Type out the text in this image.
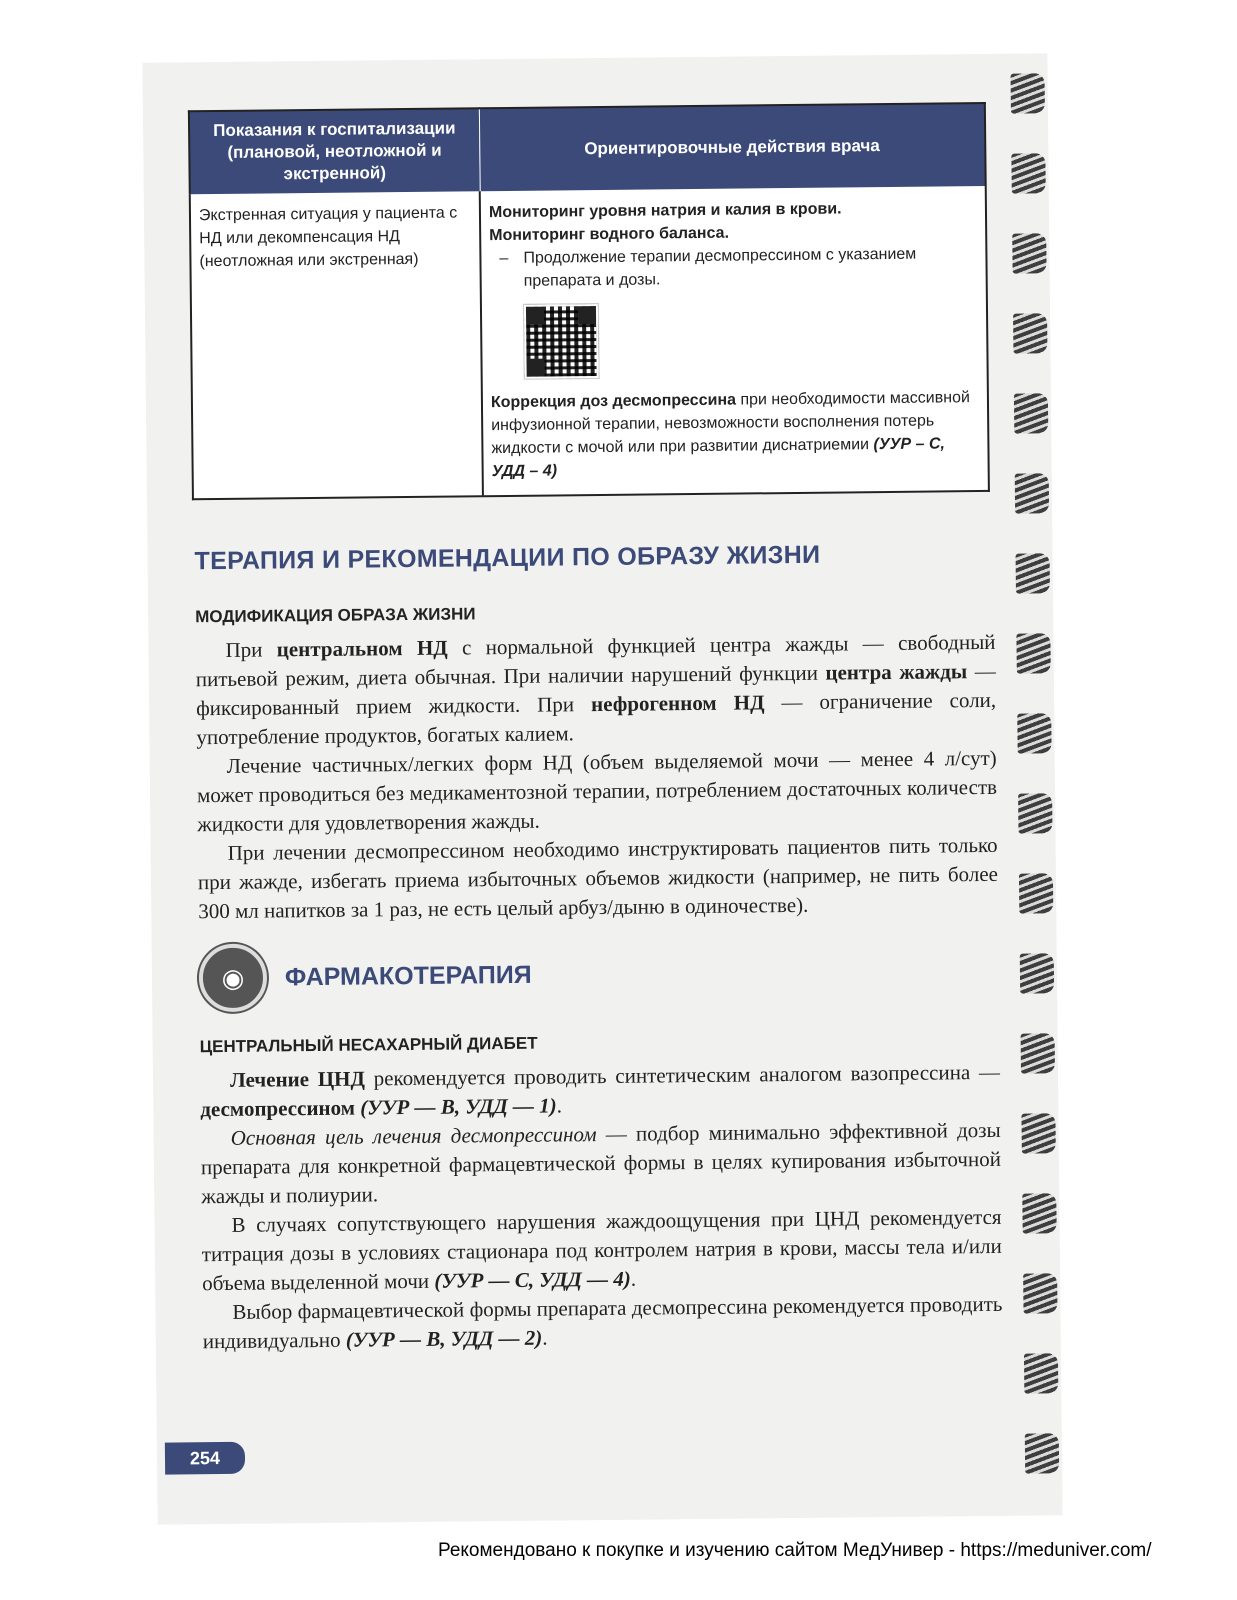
Показания к госпитализации (плановой, неотложной и экстренной)	Ориентировочные действия врача
Экстренная ситуация у пациента с НД или декомпенсация НД (неотложная или экстренная)	Мониторинг уровня натрия и калия в крови.
Мониторинг водного баланса.
– Продолжение терапии десмопрессином с указанием препарата и дозы.
Коррекция доз десмопрессина при необходимости массивной инфузионной терапии, невозможности восполнения потерь жидкости с мочой или при развитии диснатриемии (УУР – С, УДД – 4)
ТЕРАПИЯ И РЕКОМЕНДАЦИИ ПО ОБРАЗУ ЖИЗНИ
МОДИФИКАЦИЯ ОБРАЗА ЖИЗНИ

При центральном НД с нормальной функцией центра жажды — свободный питьевой режим, диета обычная. При наличии нарушений функции центра жажды — фиксированный прием жидкости. При нефрогенном НД — ограничение соли, употребление продуктов, богатых калием.

Лечение частичных/легких форм НД (объем выделяемой мочи — менее 4 л/сут) может проводиться без медикаментозной терапии, потреблением достаточных количеств жидкости для удовлетворения жажды.

При лечении десмопрессином необходимо инструктировать пациентов пить только при жажде, избегать приема избыточных объемов жидкости (например, не пить более 300 мл напитков за 1 раз, не есть целый арбуз/дыню в одиночестве).

◉	ФАРМАКОТЕРАПИЯ
ЦЕНТРАЛЬНЫЙ НЕСАХАРНЫЙ ДИАБЕТ

Лечение ЦНД рекомендуется проводить синтетическим аналогом вазопрессина — десмопрессином (УУР — В, УДД — 1).

Основная цель лечения десмопрессином — подбор минимально эффективной дозы препарата для конкретной фармацевтической формы в целях купирования избыточной жажды и полиурии.

В случаях сопутствующего нарушения жаждоощущения при ЦНД рекомендуется титрация дозы в условиях стационара под контролем натрия в крови, массы тела и/или объема выделенной мочи (УУР — С, УДД — 4).

Выбор фармацевтической формы препарата десмопрессина рекомендуется проводить индивидуально (УУР — В, УДД — 2).

254
Рекомендовано к покупке и изучению сайтом МедУнивер - https://meduniver.com/
